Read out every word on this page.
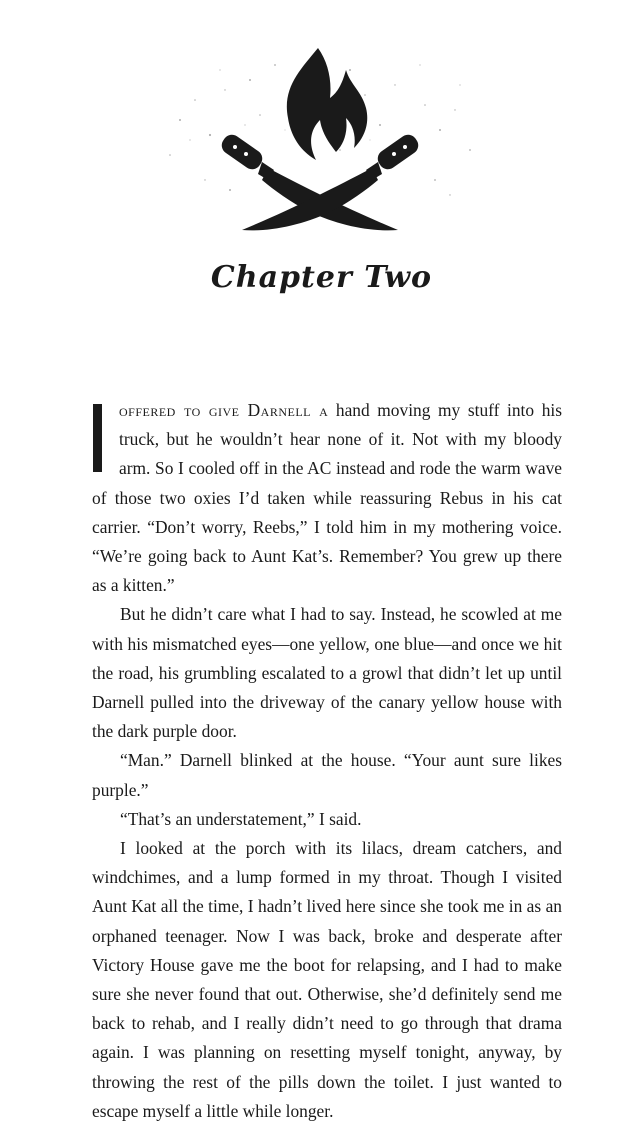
Chapter Two

offered to give Darnell a hand moving my stuff into his truck, but he wouldn’t hear none of it. Not with my bloody arm. So I cooled off in the AC instead and rode the warm wave of those two oxies I’d taken while reassuring Rebus in his cat carrier. “Don’t worry, Reebs,” I told him in my mothering voice. “We’re going back to Aunt Kat’s. Remember? You grew up there as a kitten.”

But he didn’t care what I had to say. Instead, he scowled at me with his mismatched eyes—one yellow, one blue—and once we hit the road, his grumbling escalated to a growl that didn’t let up until Darnell pulled into the driveway of the canary yellow house with the dark purple door.

“Man.” Darnell blinked at the house. “Your aunt sure likes purple.”

“That’s an understatement,” I said.

I looked at the porch with its lilacs, dream catchers, and windchimes, and a lump formed in my throat. Though I visited Aunt Kat all the time, I hadn’t lived here since she took me in as an orphaned teenager. Now I was back, broke and desperate after Victory House gave me the boot for relapsing, and I had to make sure she never found that out. Otherwise, she’d definitely send me back to rehab, and I really didn’t need to go through that drama again. I was planning on resetting myself tonight, anyway, by throwing the rest of the pills down the toilet. I just wanted to escape myself a little while longer.
